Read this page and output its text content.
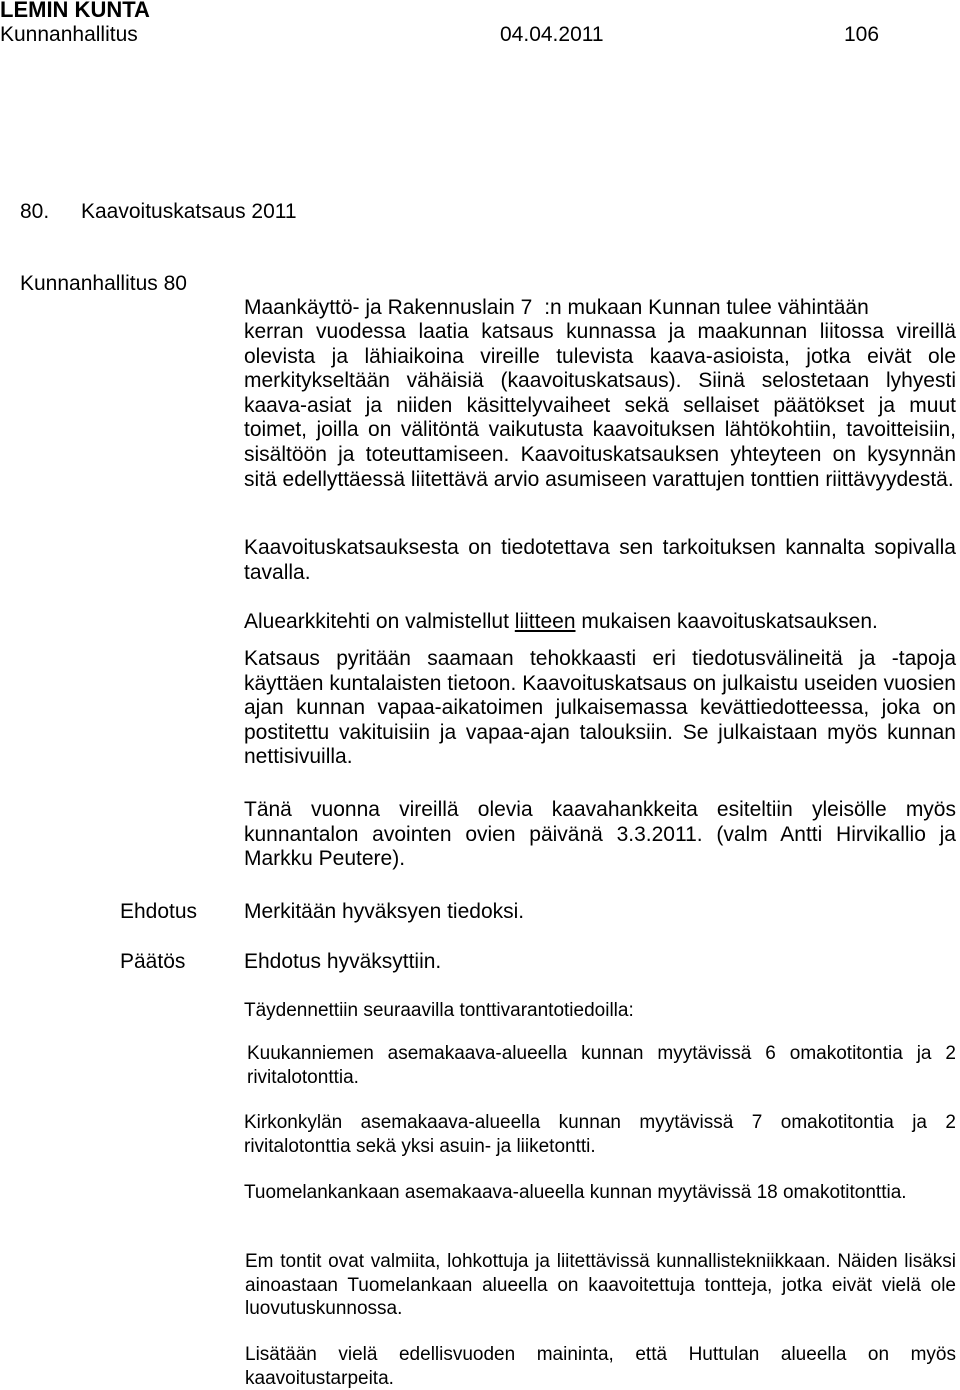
LEMIN KUNTA
Kunnanhallitus	04.04.2011	106
80. Kaavoituskatsaus 2011
Kunnanhallitus 80
Maankäyttö- ja Rakennuslain 7 :n mukaan Kunnan tulee vähintään
kerran vuodessa laatia katsaus kunnassa ja maakunnan liitossa vireillä olevista ja lähiaikoina vireille tulevista kaava-asioista, jotka eivät ole merkitykseltään vähäisiä (kaavoituskatsaus). Siinä selostetaan lyhyesti kaava-asiat ja niiden käsittelyvaiheet sekä sellaiset päätökset ja muut toimet, joilla on välitöntä vaikutusta kaavoituksen lähtökohtiin, tavoitteisiin, sisältöön ja toteuttamiseen. Kaavoituskatsauksen yhteyteen on kysynnän sitä edellyttäessä liitettävä arvio asumiseen varattujen tonttien riittävyydestä.
Kaavoituskatsauksesta on tiedotettava sen tarkoituksen kannalta sopivalla tavalla.
Aluearkkitehti on valmistellut liitteen mukaisen kaavoituskatsauksen.
Katsaus pyritään saamaan tehokkaasti eri tiedotusvälineitä ja -tapoja käyttäen kuntalaisten tietoon. Kaavoituskatsaus on julkaistu useiden vuosien ajan kunnan vapaa-aikatoimen julkaisemassa kevättiedotteessa, joka on postitettu vakituisiin ja vapaa-ajan talouksiin. Se julkaistaan myös kunnan nettisivuilla.
Tänä vuonna vireillä olevia kaavahankkeita esiteltiin yleisölle myös kunnantalon avointen ovien päivänä 3.3.2011. (valm Antti Hirvikallio ja Markku Peutere).
Ehdotus Merkitään hyväksyen tiedoksi.
Päätös	Ehdotus hyväksyttiin.
Täydennettiin seuraavilla tonttivarantotiedoilla:
Kuukanniemen asemakaava-alueella kunnan myytävissä 6 omakotitontia ja 2 rivitalotonttia.
Kirkonkylän asemakaava-alueella kunnan myytävissä 7 omakotitontia ja 2 rivitalotonttia sekä yksi asuin- ja liiketontti.
Tuomelankankaan asemakaava-alueella kunnan myytävissä 18 omakotitonttia.
Em tontit ovat valmiita, lohkottuja ja liitettävissä kunnallistekniikkaan. Näiden lisäksi ainoastaan Tuomelankaan alueella on kaavoitettuja tontteja, jotka eivät vielä ole luovutuskunnossa.
Lisätään vielä edellisvuoden maininta, että Huttulan alueella on myös kaavoitustarpeita.
